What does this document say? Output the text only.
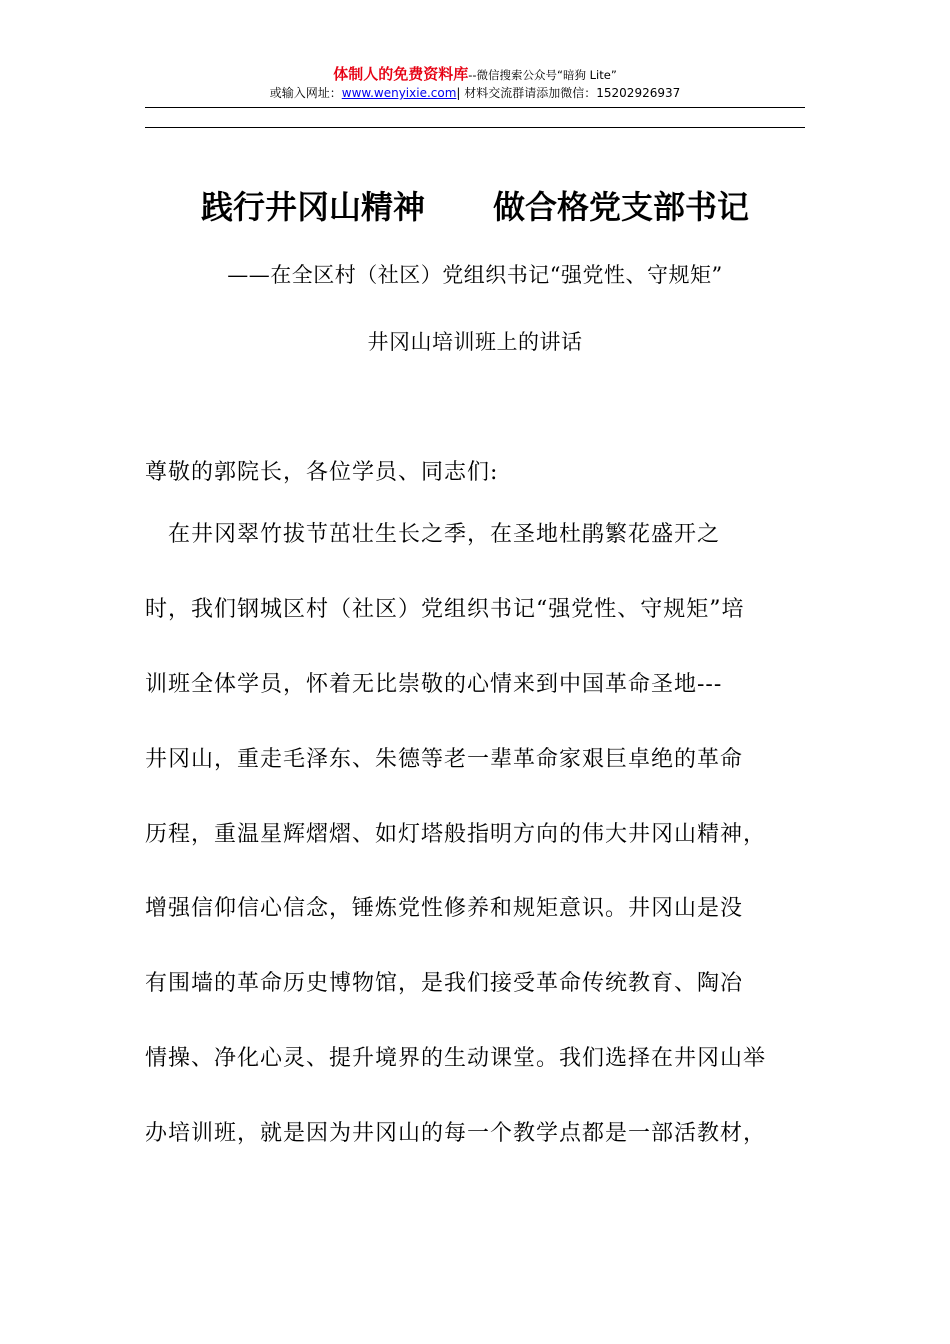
体制人的免费资料库--微信搜索公众号“暗狗 Lite”
或输入网址：www.wenyixie.com| 材料交流群请添加微信：15202926937
践行井冈山精神 做合格党支部书记
——在全区村（社区）党组织书记“强党性、守规矩”
井冈山培训班上的讲话
尊敬的郭院长，各位学员、同志们:
　在井冈翠竹拔节茁壮生长之季，在圣地杜鹃繁花盛开之
时，我们钢城区村（社区）党组织书记“强党性、守规矩”培
训班全体学员，怀着无比崇敬的心情来到中国革命圣地---
井冈山，重走毛泽东、朱德等老一辈革命家艰巨卓绝的革命
历程，重温星辉熠熠、如灯塔般指明方向的伟大井冈山精神，
增强信仰信心信念，锤炼党性修养和规矩意识。井冈山是没
有围墙的革命历史博物馆，是我们接受革命传统教育、陶冶
情操、净化心灵、提升境界的生动课堂。我们选择在井冈山举
办培训班，就是因为井冈山的每一个教学点都是一部活教材，
